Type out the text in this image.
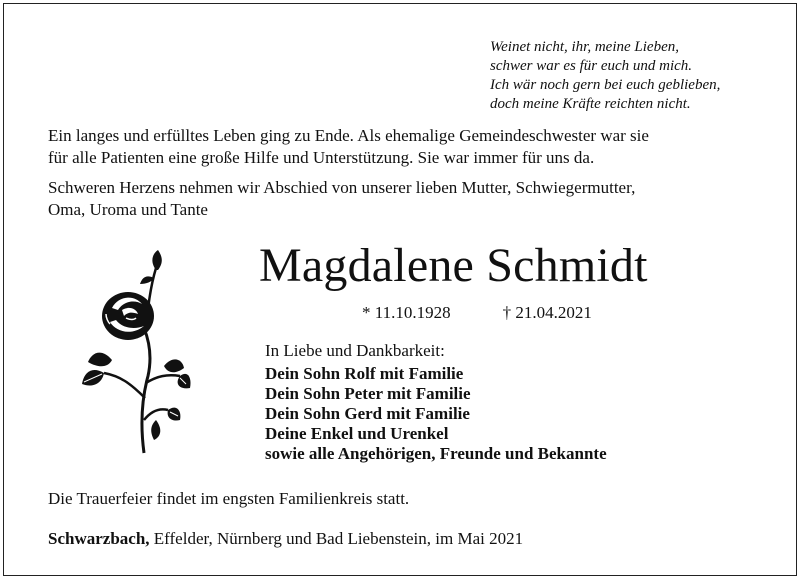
Weinet nicht, ihr, meine Lieben,
schwer war es für euch und mich.
Ich wär noch gern bei euch geblieben,
doch meine Kräfte reichten nicht.
Ein langes und erfülltes Leben ging zu Ende. Als ehemalige Gemeindeschwester war sie
für alle Patienten eine große Hilfe und Unterstützung. Sie war immer für uns da.
Schweren Herzens nehmen wir Abschied von unserer lieben Mutter, Schwiegermutter,
Oma, Uroma und Tante
Magdalene Schmidt
* 11.10.1928	† 21.04.2021
In Liebe und Dankbarkeit:
Dein Sohn Rolf mit Familie
Dein Sohn Peter mit Familie
Dein Sohn Gerd mit Familie
Deine Enkel und Urenkel
sowie alle Angehörigen, Freunde und Bekannte
Die Trauerfeier findet im engsten Familienkreis statt.
Schwarzbach, Effelder, Nürnberg und Bad Liebenstein, im Mai 2021
